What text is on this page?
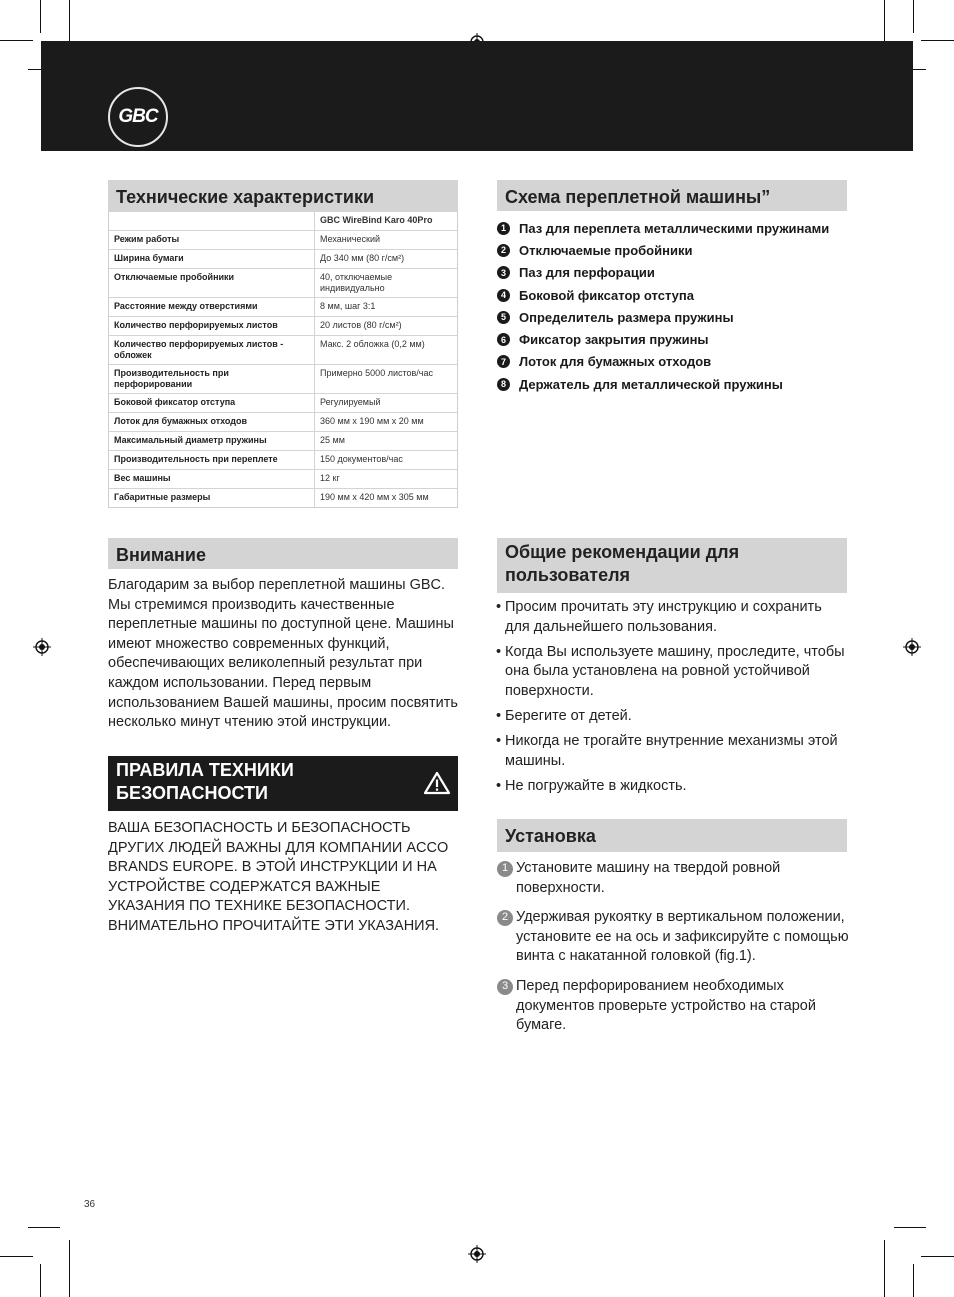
GBC
Технические характеристики
	GBC WireBind Karo 40Pro
Режим работы	Механический
Ширина бумаги	До 340 мм (80 г/см²)
Отключаемые пробойники	40, отключаемые индивидуально
Расстояние между отверстиями	8 мм, шаг 3:1
Количество перфорируемых листов	20 листов (80 г/см²)
Количество перфорируемых листов - обложек	Макс. 2 обложка (0,2 мм)
Производительность при перфорировании	Примерно 5000 листов/час
Боковой фиксатор отступа	Регулируемый
Лоток для бумажных отходов	360 мм x 190 мм x 20 мм
Максимальный диаметр пружины	25 мм
Производительность при переплете	150 документов/час
Вес машины	12 кг
Габаритные размеры	190 мм x 420 мм x 305 мм
Схема переплетной машины”
1	Паз для переплета металлическими пружинами
2	Отключаемые пробойники
3	Паз для перфорации
4	Боковой фиксатор отступа
5	Определитель размера пружины
6	Фиксатор закрытия пружины
7	Лоток для бумажных отходов
8	Держатель для металлической пружины
Внимание

Благодарим за выбор переплетной машины GBC. Мы стремимся производить качественные переплетные машины по доступной цене. Машины имеют множество современных функций, обеспечивающих великолепный результат при каждом использовании. Перед первым использованием Вашей машины, просим посвятить несколько минут чтению этой инструкции.

ПРАВИЛА ТЕХНИКИ БЕЗОПАСНОСТИ

ВАША БЕЗОПАСНОСТЬ И БЕЗОПАСНОСТЬ ДРУГИХ ЛЮДЕЙ ВАЖНЫ ДЛЯ КОМПАНИИ ACCO BRANDS EUROPE. В ЭТОЙ ИНСТРУКЦИИ И НА УСТРОЙСТВЕ СОДЕРЖАТСЯ ВАЖНЫЕ УКАЗАНИЯ ПО ТЕХНИКЕ БЕЗОПАСНОСТИ. ВНИМАТЕЛЬНО ПРОЧИТАЙТЕ ЭТИ УКАЗАНИЯ.

Общие рекомендации для пользователя
• Просим прочитать эту инструкцию и сохранить для дальнейшего пользования.
• Когда Вы используете машину, проследите, чтобы она была установлена на ровной устойчивой поверхности.
• Берегите от детей.
• Никогда не трогайте внутренние механизмы этой машины.
• Не погружайте в жидкость.
Установка
1 Установите машину на твердой ровной поверхности.
2 Удерживая рукоятку в вертикальном положении, установите ее на ось и зафиксируйте с помощью винта с накатанной головкой (fig.1).
3 Перед перфорированием необходимых документов проверьте устройство на старой бумаге.
36
